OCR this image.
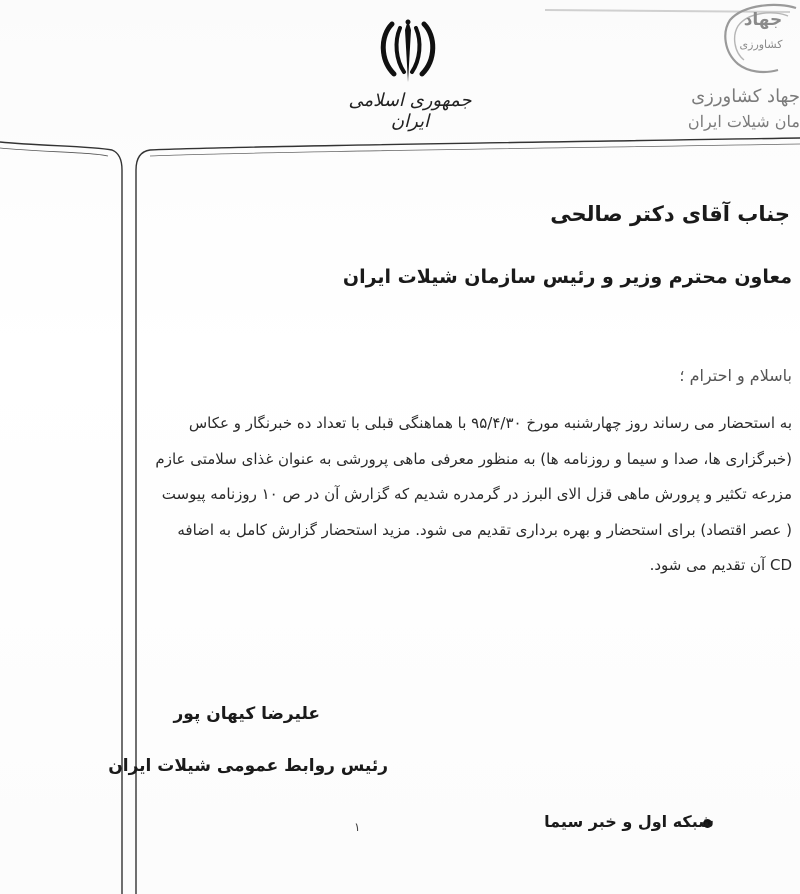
جمهوری اسلامی ایران
جهاد
کشاورزی
جهاد کشاورزی
مان شیلات ایران
جناب آقای دکتر صالحی
معاون محترم وزیر و رئیس سازمان شیلات ایران
باسلام و احترام ؛
به استحضار می رساند روز چهارشنبه مورخ ۹۵/۴/۳۰ با هماهنگی قبلی با تعداد ده خبرنگار و عکاس
(خبرگزاری ها، صدا و سیما و روزنامه ها) به منظور معرفی ماهی پرورشی به عنوان غذای سلامتی عازم
مزرعه تکثیر و پرورش ماهی قزل الای البرز در گرمدره شدیم که گزارش آن در ص ۱۰ روزنامه پیوست
( عصر اقتصاد) برای استحضار و بهره برداری تقدیم می شود. مزید استحضار گزارش کامل به اضافه
CD آن تقدیم می شود.
علیرضا کیهان پور
رئیس روابط عمومی شیلات ایران
۱	شبکه اول و خبر سیما
